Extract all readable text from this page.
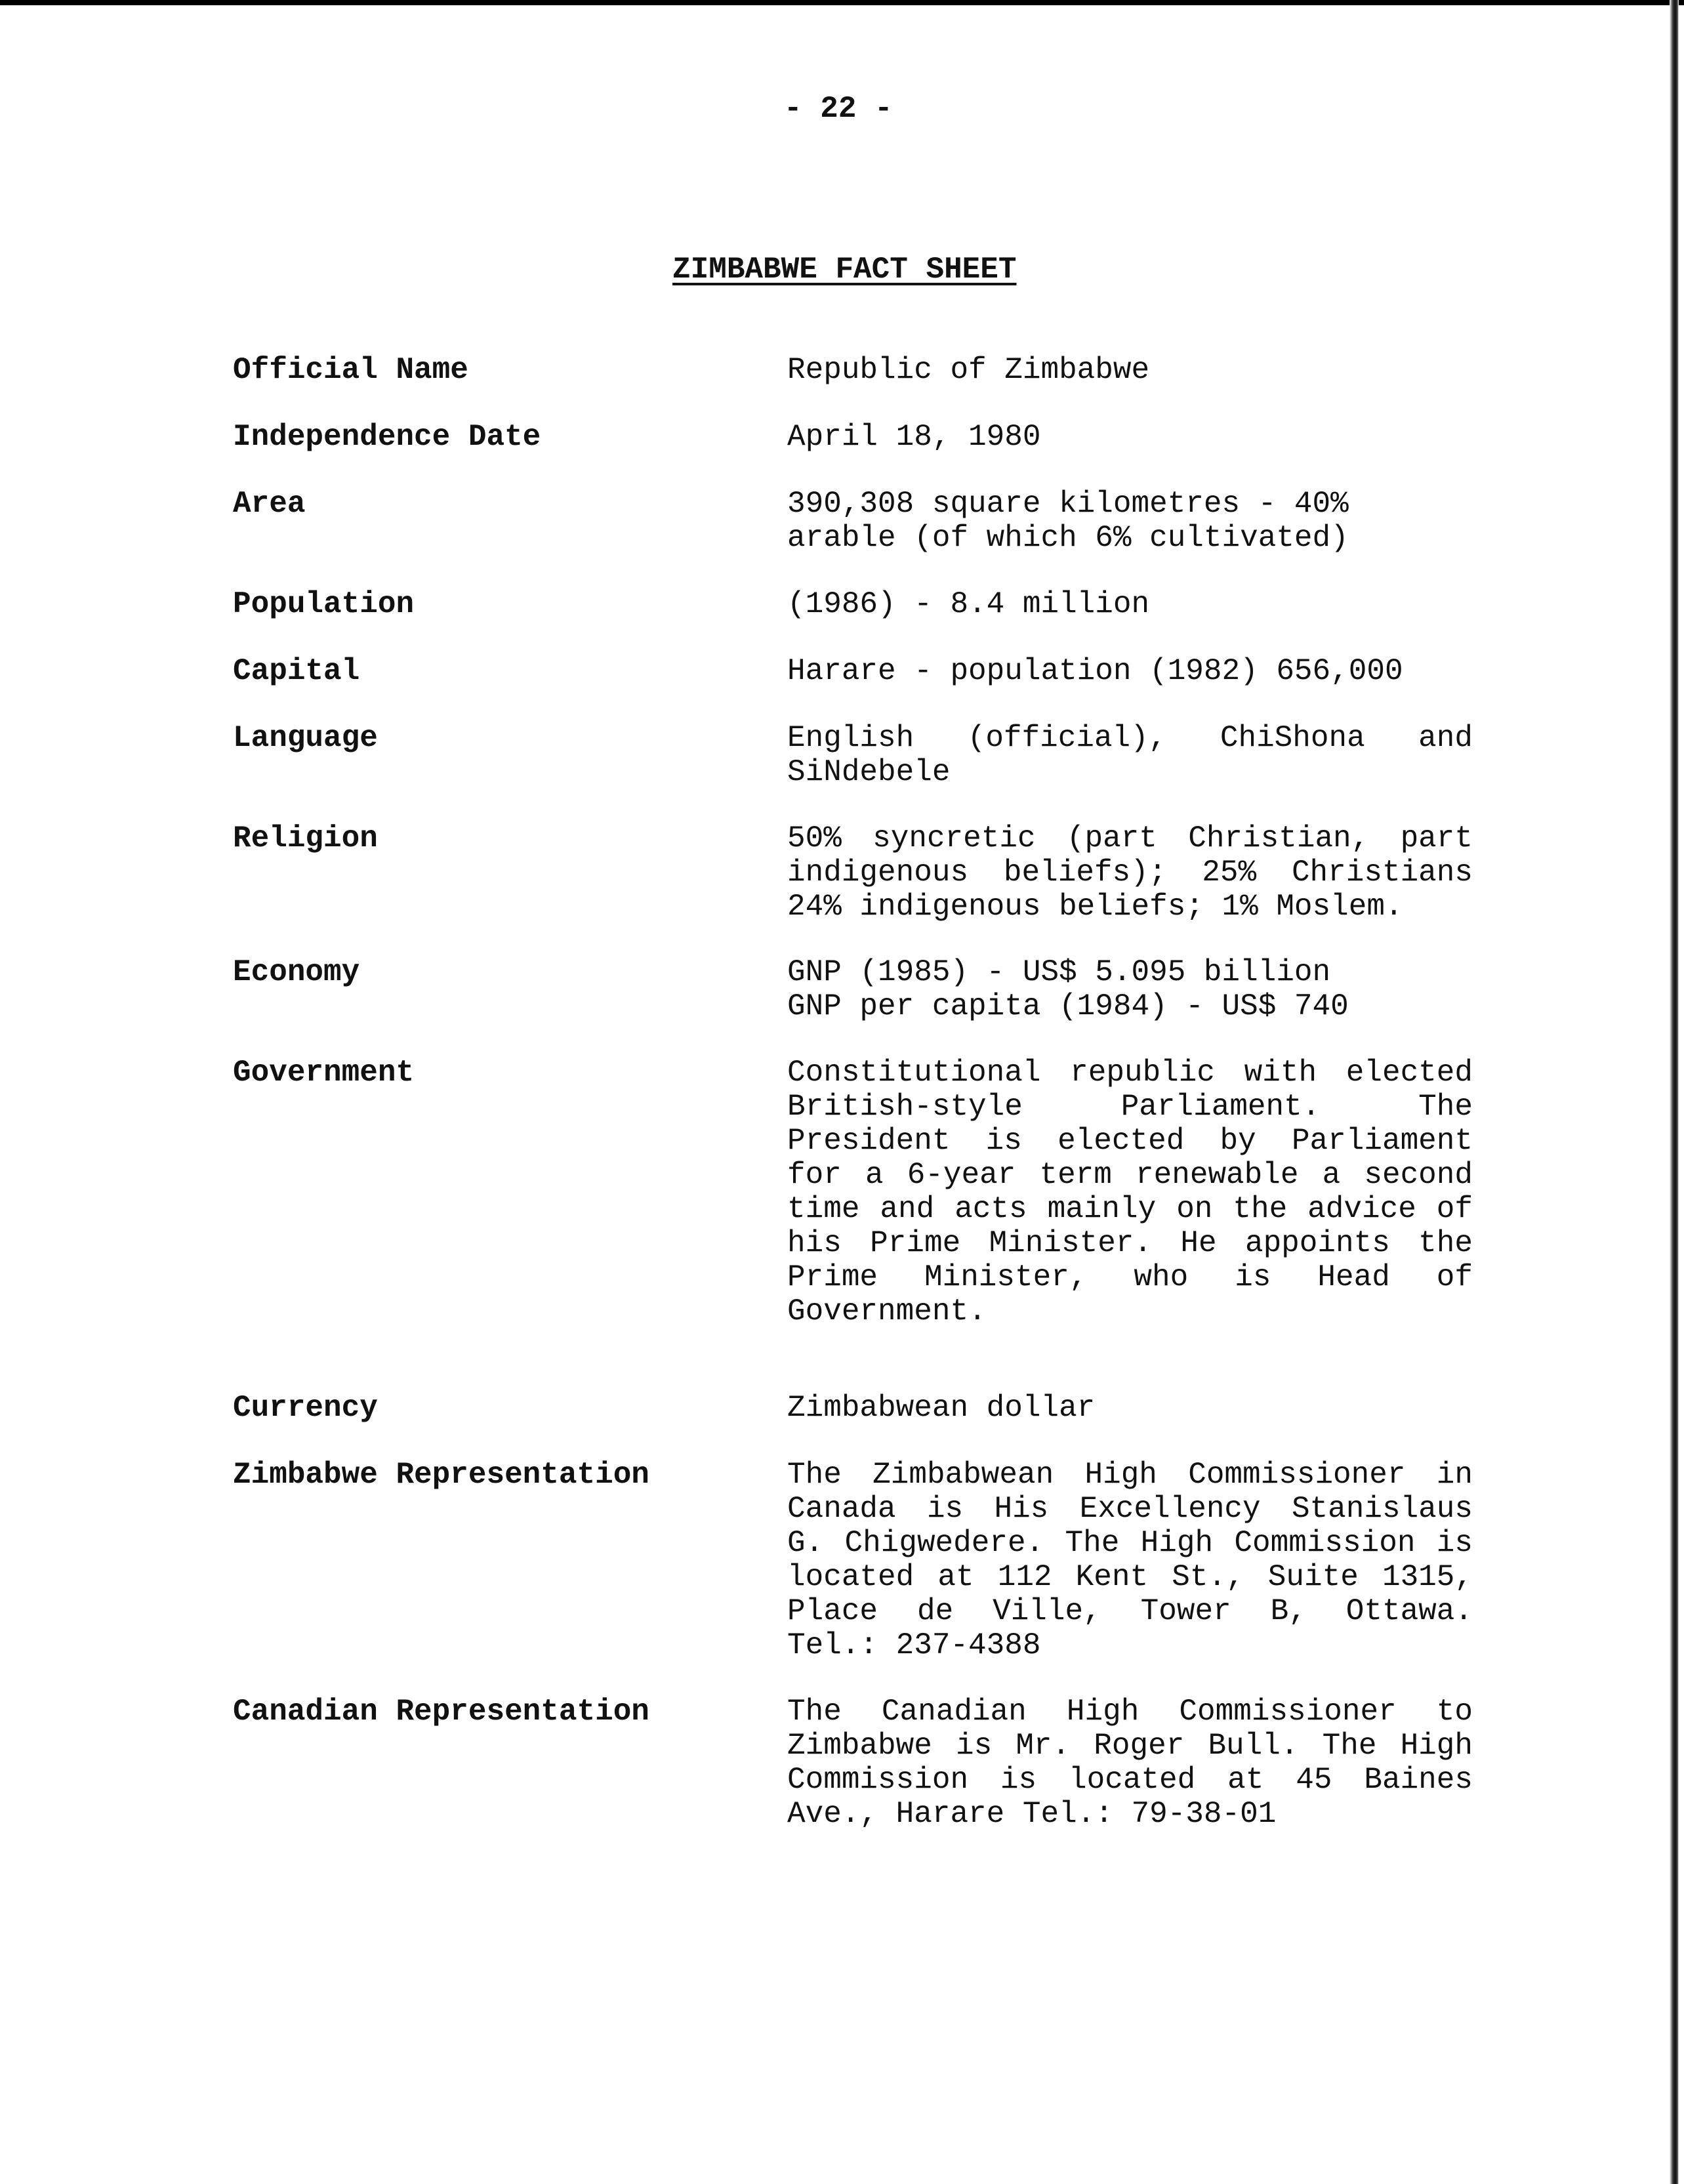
- 22 -
ZIMBABWE FACT SHEET
Official Name	Republic of Zimbabwe
Independence Date	April 18, 1980
Area	390,308 square kilometres - 40%
arable (of which 6% cultivated)
Population	(1986) - 8.4 million
Capital	Harare - population (1982) 656,000
Language	English (official), ChiShona and SiNdebele
Religion	50% syncretic (part Christian, part indigenous beliefs); 25% Christians 24% indigenous beliefs; 1% Moslem.
Economy	GNP (1985) - US$ 5.095 billion
GNP per capita (1984) - US$ 740
Government	Constitutional republic with elected British-style Parliament. The President is elected by Parliament for a 6-year term renewable a second time and acts mainly on the advice of his Prime Minister. He appoints the Prime Minister, who is Head of Government.
Currency	Zimbabwean dollar
Zimbabwe Representation	The Zimbabwean High Commissioner in Canada is His Excellency Stanislaus G. Chigwedere. The High Commission is located at 112 Kent St., Suite 1315, Place de Ville, Tower B, Ottawa. Tel.: 237-4388
Canadian Representation	The Canadian High Commissioner to Zimbabwe is Mr. Roger Bull. The High Commission is located at 45 Baines Ave., Harare Tel.: 79-38-01
